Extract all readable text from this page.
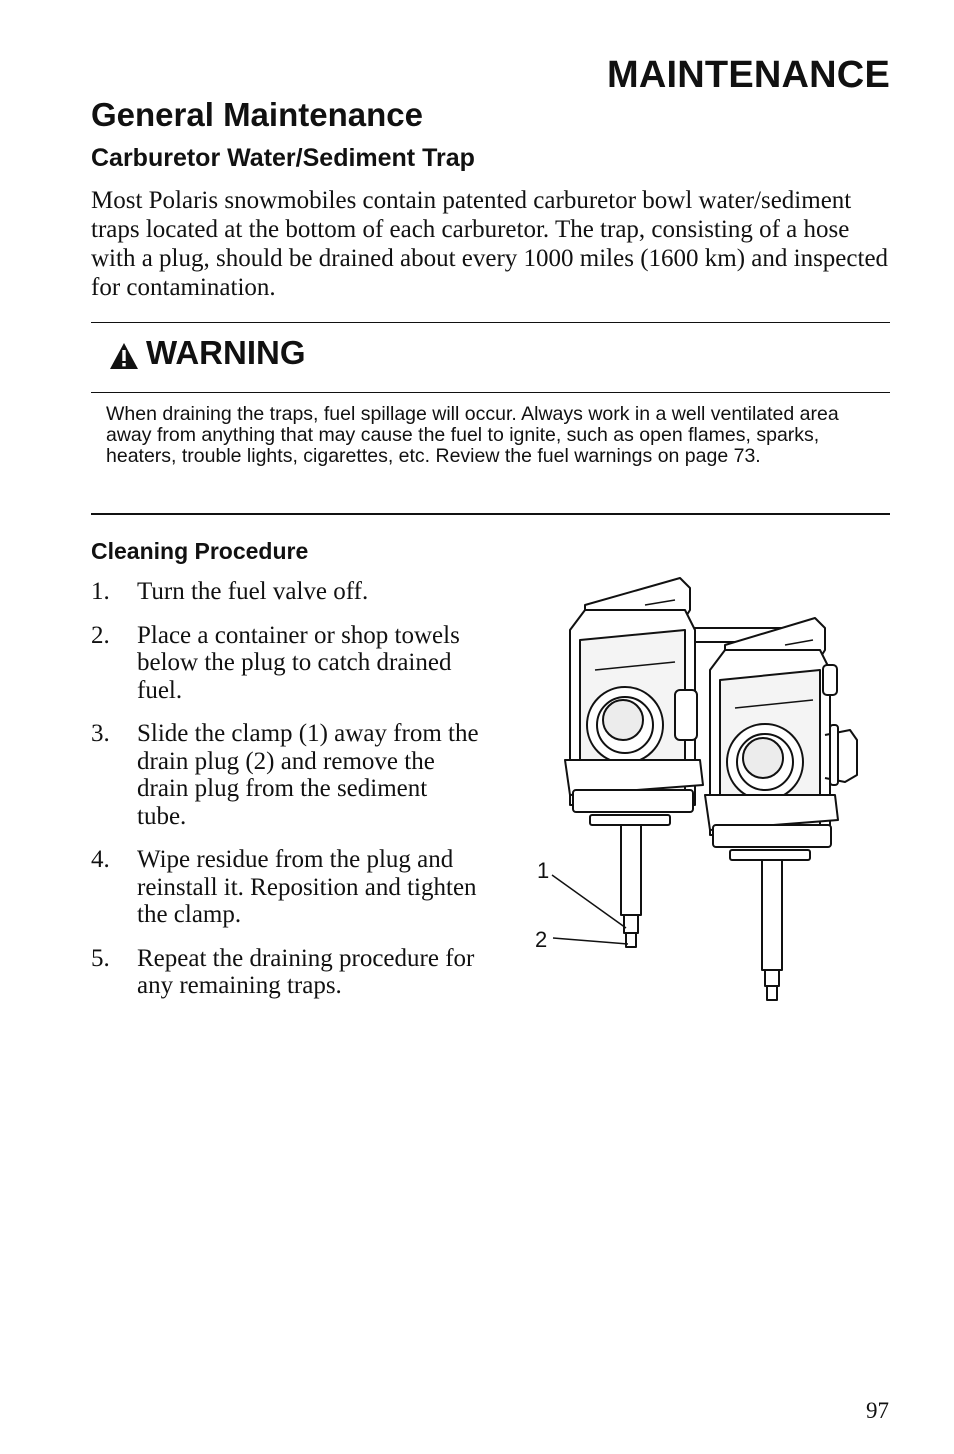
MAINTENANCE
General Maintenance
Carburetor Water/Sediment Trap

Most Polaris snowmobiles contain patented carburetor bowl water/sediment traps located at the bottom of each carburetor. The trap, consisting of a hose with a plug, should be drained about every 1000 miles (1600 km) and inspected for contamination.

WARNING

When draining the traps, fuel spillage will occur. Always work in a well ventilated area away from anything that may cause the fuel to ignite, such as open flames, sparks, heaters, trouble lights, cigarettes, etc. Review the fuel warnings on page 73.

Cleaning Procedure
1. Turn the fuel valve off.
2. Place a container or shop towels below the plug to catch drained fuel.
3. Slide the clamp (1) away from the drain plug (2) and remove the drain plug from the sediment tube.
4. Wipe residue from the plug and reinstall it. Reposition and tighten the clamp.
5. Repeat the draining procedure for any remaining traps.
1
2

97
